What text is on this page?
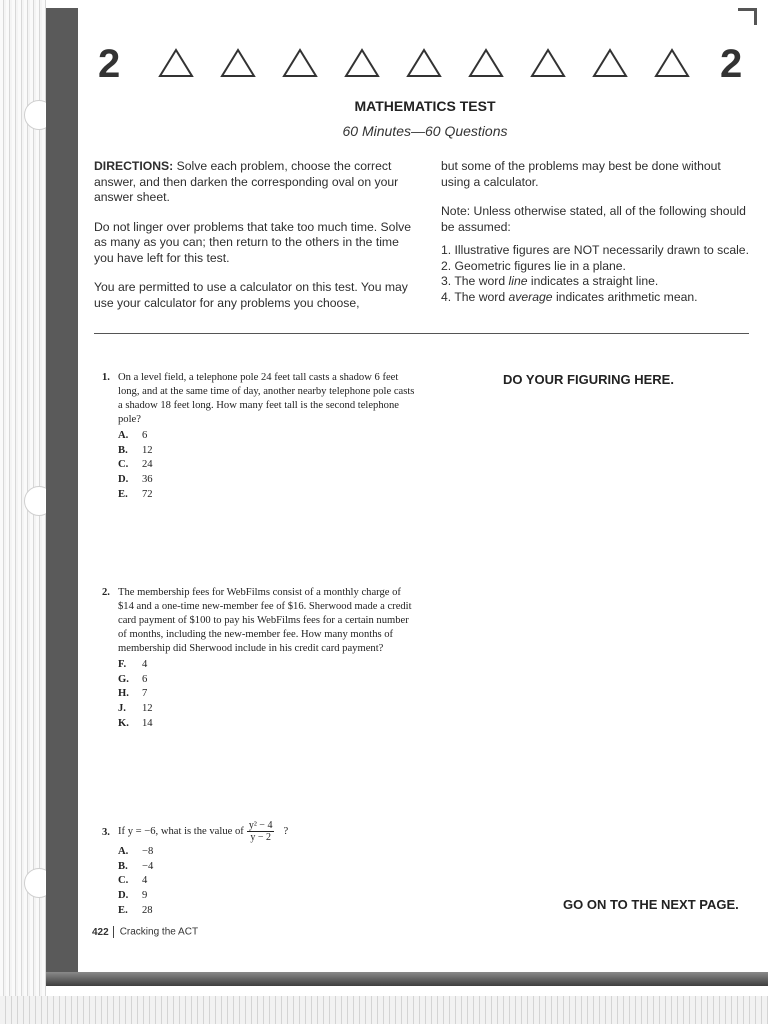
2	2
MATHEMATICS TEST
60 Minutes—60 Questions

DIRECTIONS: Solve each problem, choose the correct answer, and then darken the corresponding oval on your answer sheet.

Do not linger over problems that take too much time. Solve as many as you can; then return to the others in the time you have left for this test.

You are permitted to use a calculator on this test. You may use your calculator for any problems you choose,

but some of the problems may best be done without using a calculator.

Note: Unless otherwise stated, all of the following should be assumed:

1. Illustrative figures are NOT necessarily drawn to scale.
2. Geometric figures lie in a plane.
3. The word line indicates a straight line.
4. The word average indicates arithmetic mean.
1. On a level field, a telephone pole 24 feet tall casts a shadow 6 feet long, and at the same time of day, another nearby telephone pole casts a shadow 18 feet long. How many feet tall is the second telephone pole?
A.	6
B.	12
C.	24
D.	36
E.	72
2. The membership fees for WebFilms consist of a monthly charge of $14 and a one-time new-member fee of $16. Sherwood made a credit card payment of $100 to pay his WebFilms fees for a certain number of months, including the new-member fee. How many months of membership did Sherwood include in his credit card payment?
F.	4
G.	6
H.	7
J.	12
K.	14
3. If y = −6, what is the value of $\frac{\text{y² − 4}}{y - 2}$ ?
A.	−8
B.	−4
C.	4
D.	9
E.	28
DO YOUR FIGURING HERE.
GO ON TO THE NEXT PAGE.
422 Cracking the ACT
